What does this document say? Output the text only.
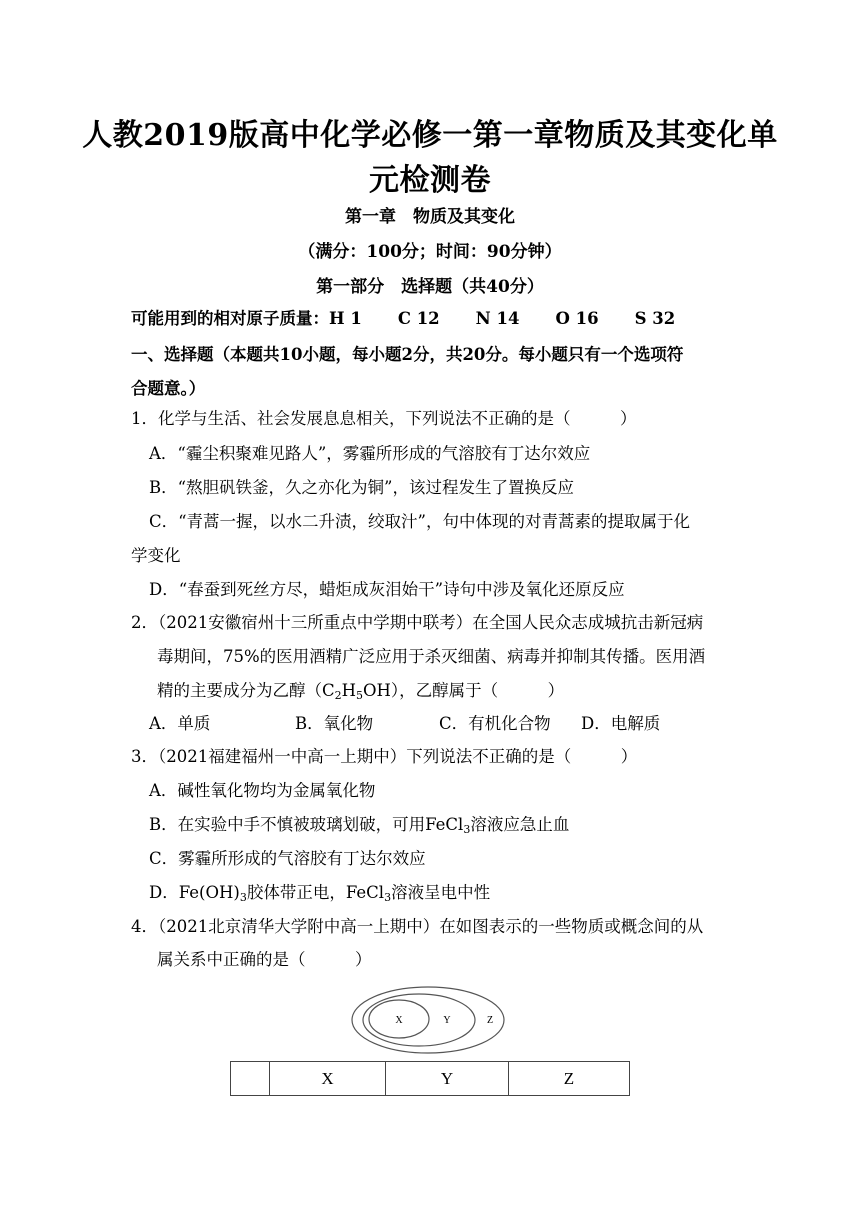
人教2019版高中化学必修一第一章物质及其变化单
元检测卷
第一章　物质及其变化
（满分：100分；时间：90分钟）
第一部分　选择题（共40分）
可能用到的相对原子质量：H 1 C 12 N 14 O 16 S 32
一、选择题（本题共10小题，每小题2分，共20分。每小题只有一个选项符
合题意。）
1．化学与生活、社会发展息息相关，下列说法不正确的是（　　　）
A．“霾尘积聚难见路人”，雾霾所形成的气溶胶有丁达尔效应
B．“熬胆矾铁釜，久之亦化为铜”，该过程发生了置换反应
C．“青蒿一握，以水二升渍，绞取汁”，句中体现的对青蒿素的提取属于化
学变化
D．“春蚕到死丝方尽，蜡炬成灰泪始干”诗句中涉及氧化还原反应
2．（2021安徽宿州十三所重点中学期中联考）在全国人民众志成城抗击新冠病
毒期间，75%的医用酒精广泛应用于杀灭细菌、病毒并抑制其传播。医用酒
精的主要成分为乙醇$(C_2H_5OH)$，乙醇属于（　　　）
A．单质	B．氧化物	C．有机化合物 D．电解质
3．（2021福建福州一中高一上期中）下列说法不正确的是（　　　）
A．碱性氧化物均为金属氧化物
B．在实验中手不慎被玻璃划破，可用FeCl$_3$溶液应急止血
C．雾霾所形成的气溶胶有丁达尔效应
D．$Fe(OH)_3$胶体带正电，FeCl$_3$溶液呈电中性
4．（2021北京清华大学附中高一上期中）在如图表示的一些物质或概念间的从
属关系中正确的是（　　　）
X	Y	Z
	X	Y	Z
